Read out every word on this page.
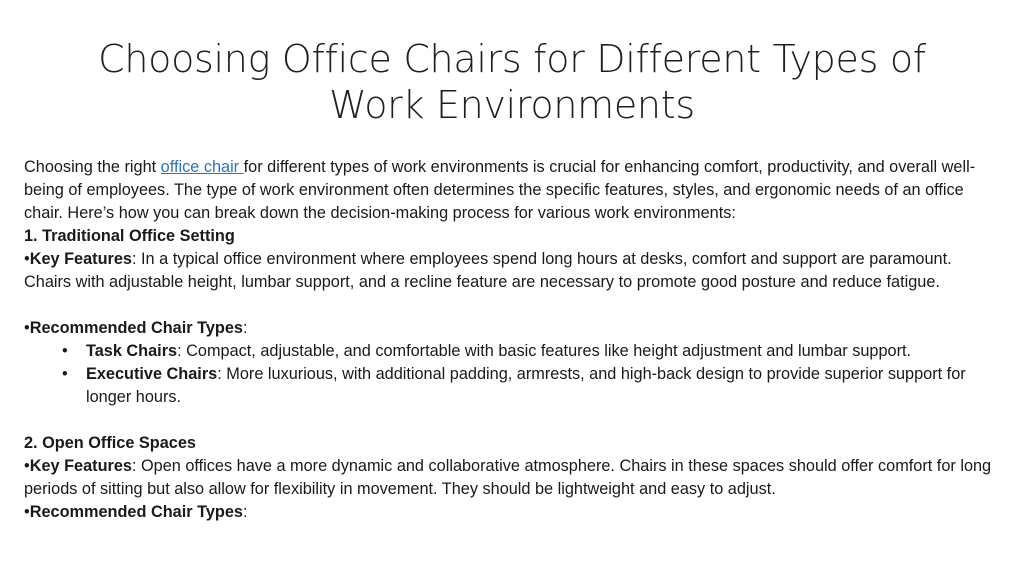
Choosing Office Chairs for Different Types of
Work Environments

Choosing the right office chair for different types of work environments is crucial for enhancing comfort, productivity, and overall well-being of employees. The type of work environment often determines the specific features, styles, and ergonomic needs of an office chair. Here’s how you can break down the decision-making process for various work environments:

1. Traditional Office Setting

•Key Features: In a typical office environment where employees spend long hours at desks, comfort and support are paramount. Chairs with adjustable height, lumbar support, and a recline feature are necessary to promote good posture and reduce fatigue.

•Recommended Chair Types:

• Task Chairs: Compact, adjustable, and comfortable with basic features like height adjustment and lumbar support.
• Executive Chairs: More luxurious, with additional padding, armrests, and high-back design to provide superior support for longer hours.

2. Open Office Spaces

•Key Features: Open offices have a more dynamic and collaborative atmosphere. Chairs in these spaces should offer comfort for long periods of sitting but also allow for flexibility in movement. They should be lightweight and easy to adjust.

•Recommended Chair Types:
